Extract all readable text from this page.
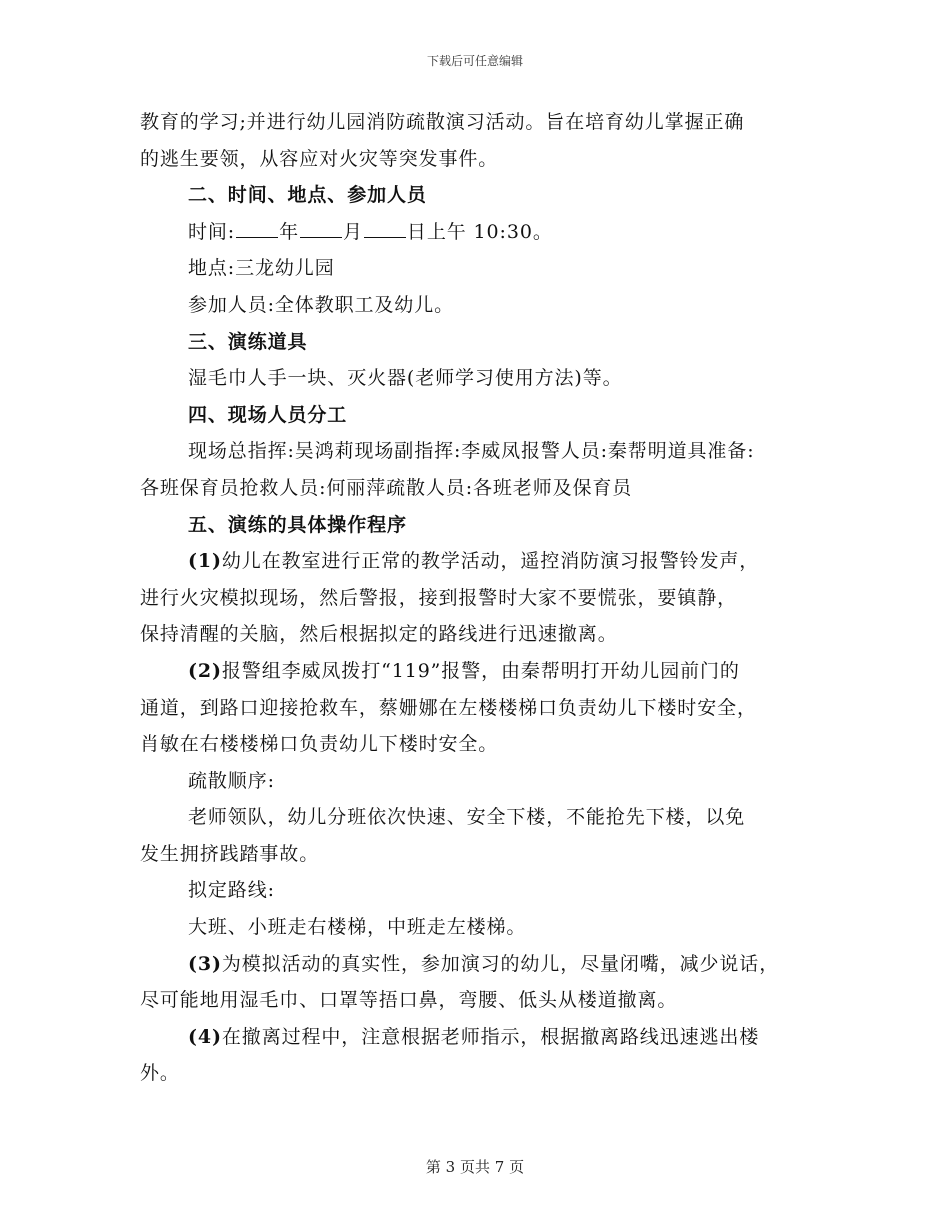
下载后可任意编辑
教育的学习;并进行幼儿园消防疏散演习活动。旨在培育幼儿掌握正确
的逃生要领，从容应对火灾等突发事件。
二、时间、地点、参加人员
时间: 年 月 日上午 10:30。
地点:三龙幼儿园
参加人员:全体教职工及幼儿。
三、演练道具
湿毛巾人手一块、灭火器(老师学习使用方法)等。
四、现场人员分工
现场总指挥:吴鸿莉现场副指挥:李威凤报警人员:秦帮明道具准备:
各班保育员抢救人员:何丽萍疏散人员:各班老师及保育员
五、演练的具体操作程序
(1)幼儿在教室进行正常的教学活动，遥控消防演习报警铃发声，
进行火灾模拟现场，然后警报，接到报警时大家不要慌张，要镇静，
保持清醒的关脑，然后根据拟定的路线进行迅速撤离。
(2)报警组李威凤拨打“119”报警，由秦帮明打开幼儿园前门的
通道，到路口迎接抢救车，蔡姗娜在左楼楼梯口负责幼儿下楼时安全，
肖敏在右楼楼梯口负责幼儿下楼时安全。
疏散顺序:
老师领队，幼儿分班依次快速、安全下楼，不能抢先下楼，以免
发生拥挤践踏事故。
拟定路线:
大班、小班走右楼梯，中班走左楼梯。
(3)为模拟活动的真实性，参加演习的幼儿，尽量闭嘴，减少说话，
尽可能地用湿毛巾、口罩等捂口鼻，弯腰、低头从楼道撤离。
(4)在撤离过程中，注意根据老师指示，根据撤离路线迅速逃出楼
外。
第 3 页共 7 页
